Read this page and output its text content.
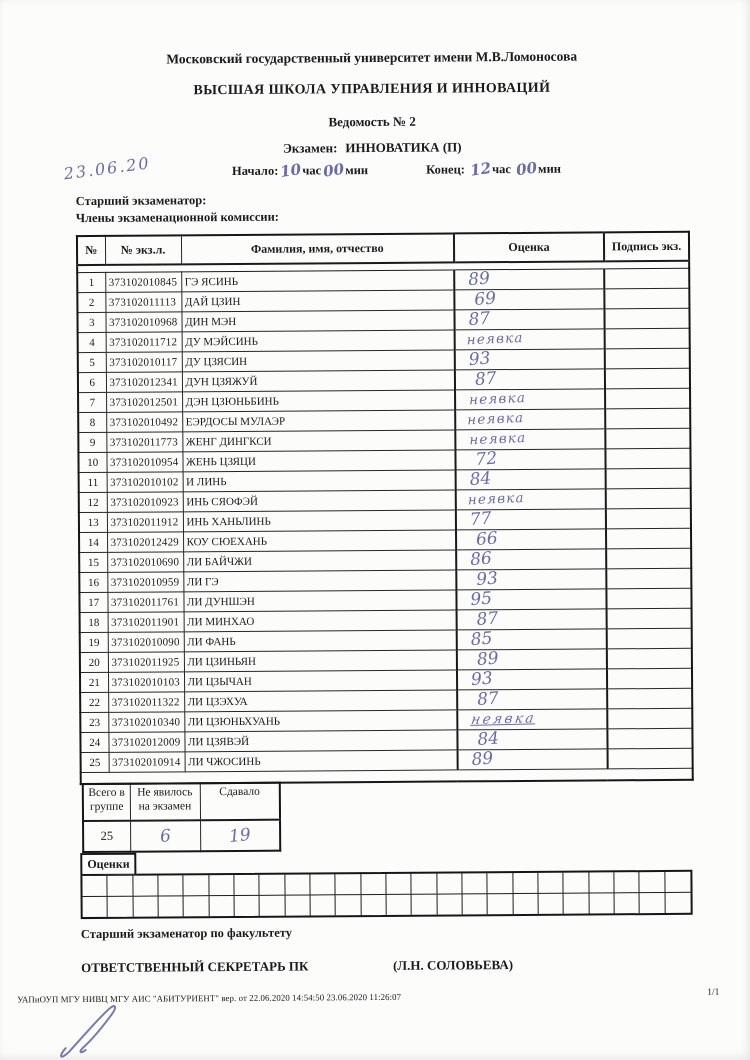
Московский государственный университет имени М.В.Ломоносова
ВЫСШАЯ ШКОЛА УПРАВЛЕНИЯ И ИННОВАЦИЙ
Ведомость № 2
Экзамен: ИННОВАТИКА (П)
Начало:10час00мин	Конец: 12час 00мин
23.06.20
Старший экзаменатор:
Члены экзаменационной комиссии:
№	№ экз.л.	Фамилия, имя, отчество	Оценка	Подпись экз.

1	373102010845	ГЭ ЯСИНЬ	89	
2	373102011113	ДАЙ ЦЗИН	69	
3	373102010968	ДИН МЭН	87	
4	373102011712	ДУ МЭЙСИНЬ	неявка	
5	373102010117	ДУ ЦЗЯСИН	93	
6	373102012341	ДУН ЦЗЯЖУЙ	87	
7	373102012501	ДЭН ЦЗЮНЬБИНЬ	неявка	
8	373102010492	ЕЭРДОСЫ МУЛАЭР	неявка	
9	373102011773	ЖЕНГ ДИНГКСИ	неявка	
10	373102010954	ЖЕНЬ ЦЗЯЦИ	72	
11	373102010102	И ЛИНЬ	84	
12	373102010923	ИНЬ СЯОФЭЙ	неявка	
13	373102011912	ИНЬ ХАНЬЛИНЬ	77	
14	373102012429	КОУ СЮЕХАНЬ	66	
15	373102010690	ЛИ БАЙЧЖИ	86	
16	373102010959	ЛИ ГЭ	93	
17	373102011761	ЛИ ДУНШЭН	95	
18	373102011901	ЛИ МИНХАО	87	
19	373102010090	ЛИ ФАНЬ	85	
20	373102011925	ЛИ ЦЗИНЬЯН	89	
21	373102010103	ЛИ ЦЗЫЧАН	93	
22	373102011322	ЛИ ЦЗЭХУА	87	
23	373102010340	ЛИ ЦЗЮНЬХУАНЬ	неявка	
24	373102012009	ЛИ ЦЗЯВЭЙ	84	
25	373102010914	ЛИ ЧЖОСИНЬ	89	

Всего в группе	Не явилось на экзамен	Сдавало
25	6	19
Оценки
Старший экзаменатор по факультету
ОТВЕТСТВЕННЫЙ СЕКРЕТАРЬ ПК	(Л.Н. СОЛОВЬЕВА)
УАПиОУП МГУ НИВЦ МГУ АИС "АБИТУРИЕНТ" вер. от 22.06.2020 14:54:50 23.06.2020 11:26:07	1/1
